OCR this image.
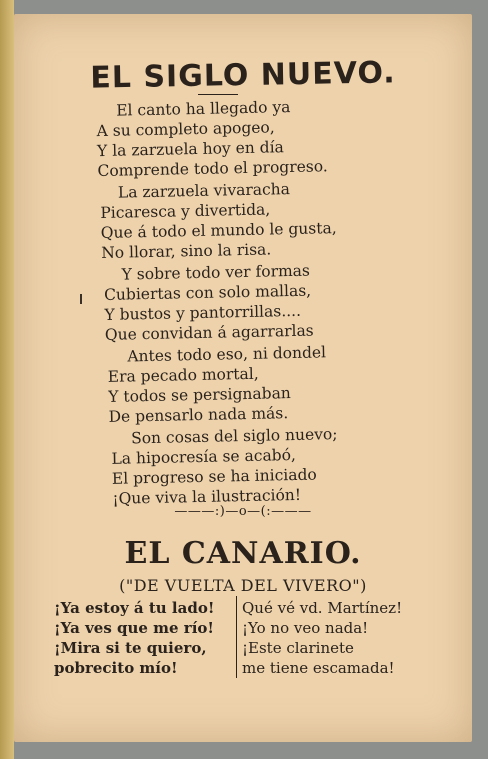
EL SIGLO NUEVO.
El canto ha llegado ya
A su completo apogeo,
Y la zarzuela hoy en día
Comprende todo el progreso.
La zarzuela vivaracha
Picaresca y divertida,
Que á todo el mundo le gusta,
No llorar, sino la risa.
Y sobre todo ver formas
Cubiertas con solo mallas,
Y bustos y pantorrillas....
Que convidan á agarrarlas
Antes todo eso, ni dondel
Era pecado mortal,
Y todos se persignaban
De pensarlo nada más.
Son cosas del siglo nuevo;
La hipocresía se acabó,
El progreso se ha iniciado
¡Que viva la ilustración!
———:)—o—(:———
EL CANARIO.
("DE VUELTA DEL VIVERO")
¡Ya estoy á tu lado!
¡Ya ves que me río!
¡Mira si te quiero,
pobrecito mío!
Qué vé vd. Martínez!
¡Yo no veo nada!
¡Este clarinete
me tiene escamada!
